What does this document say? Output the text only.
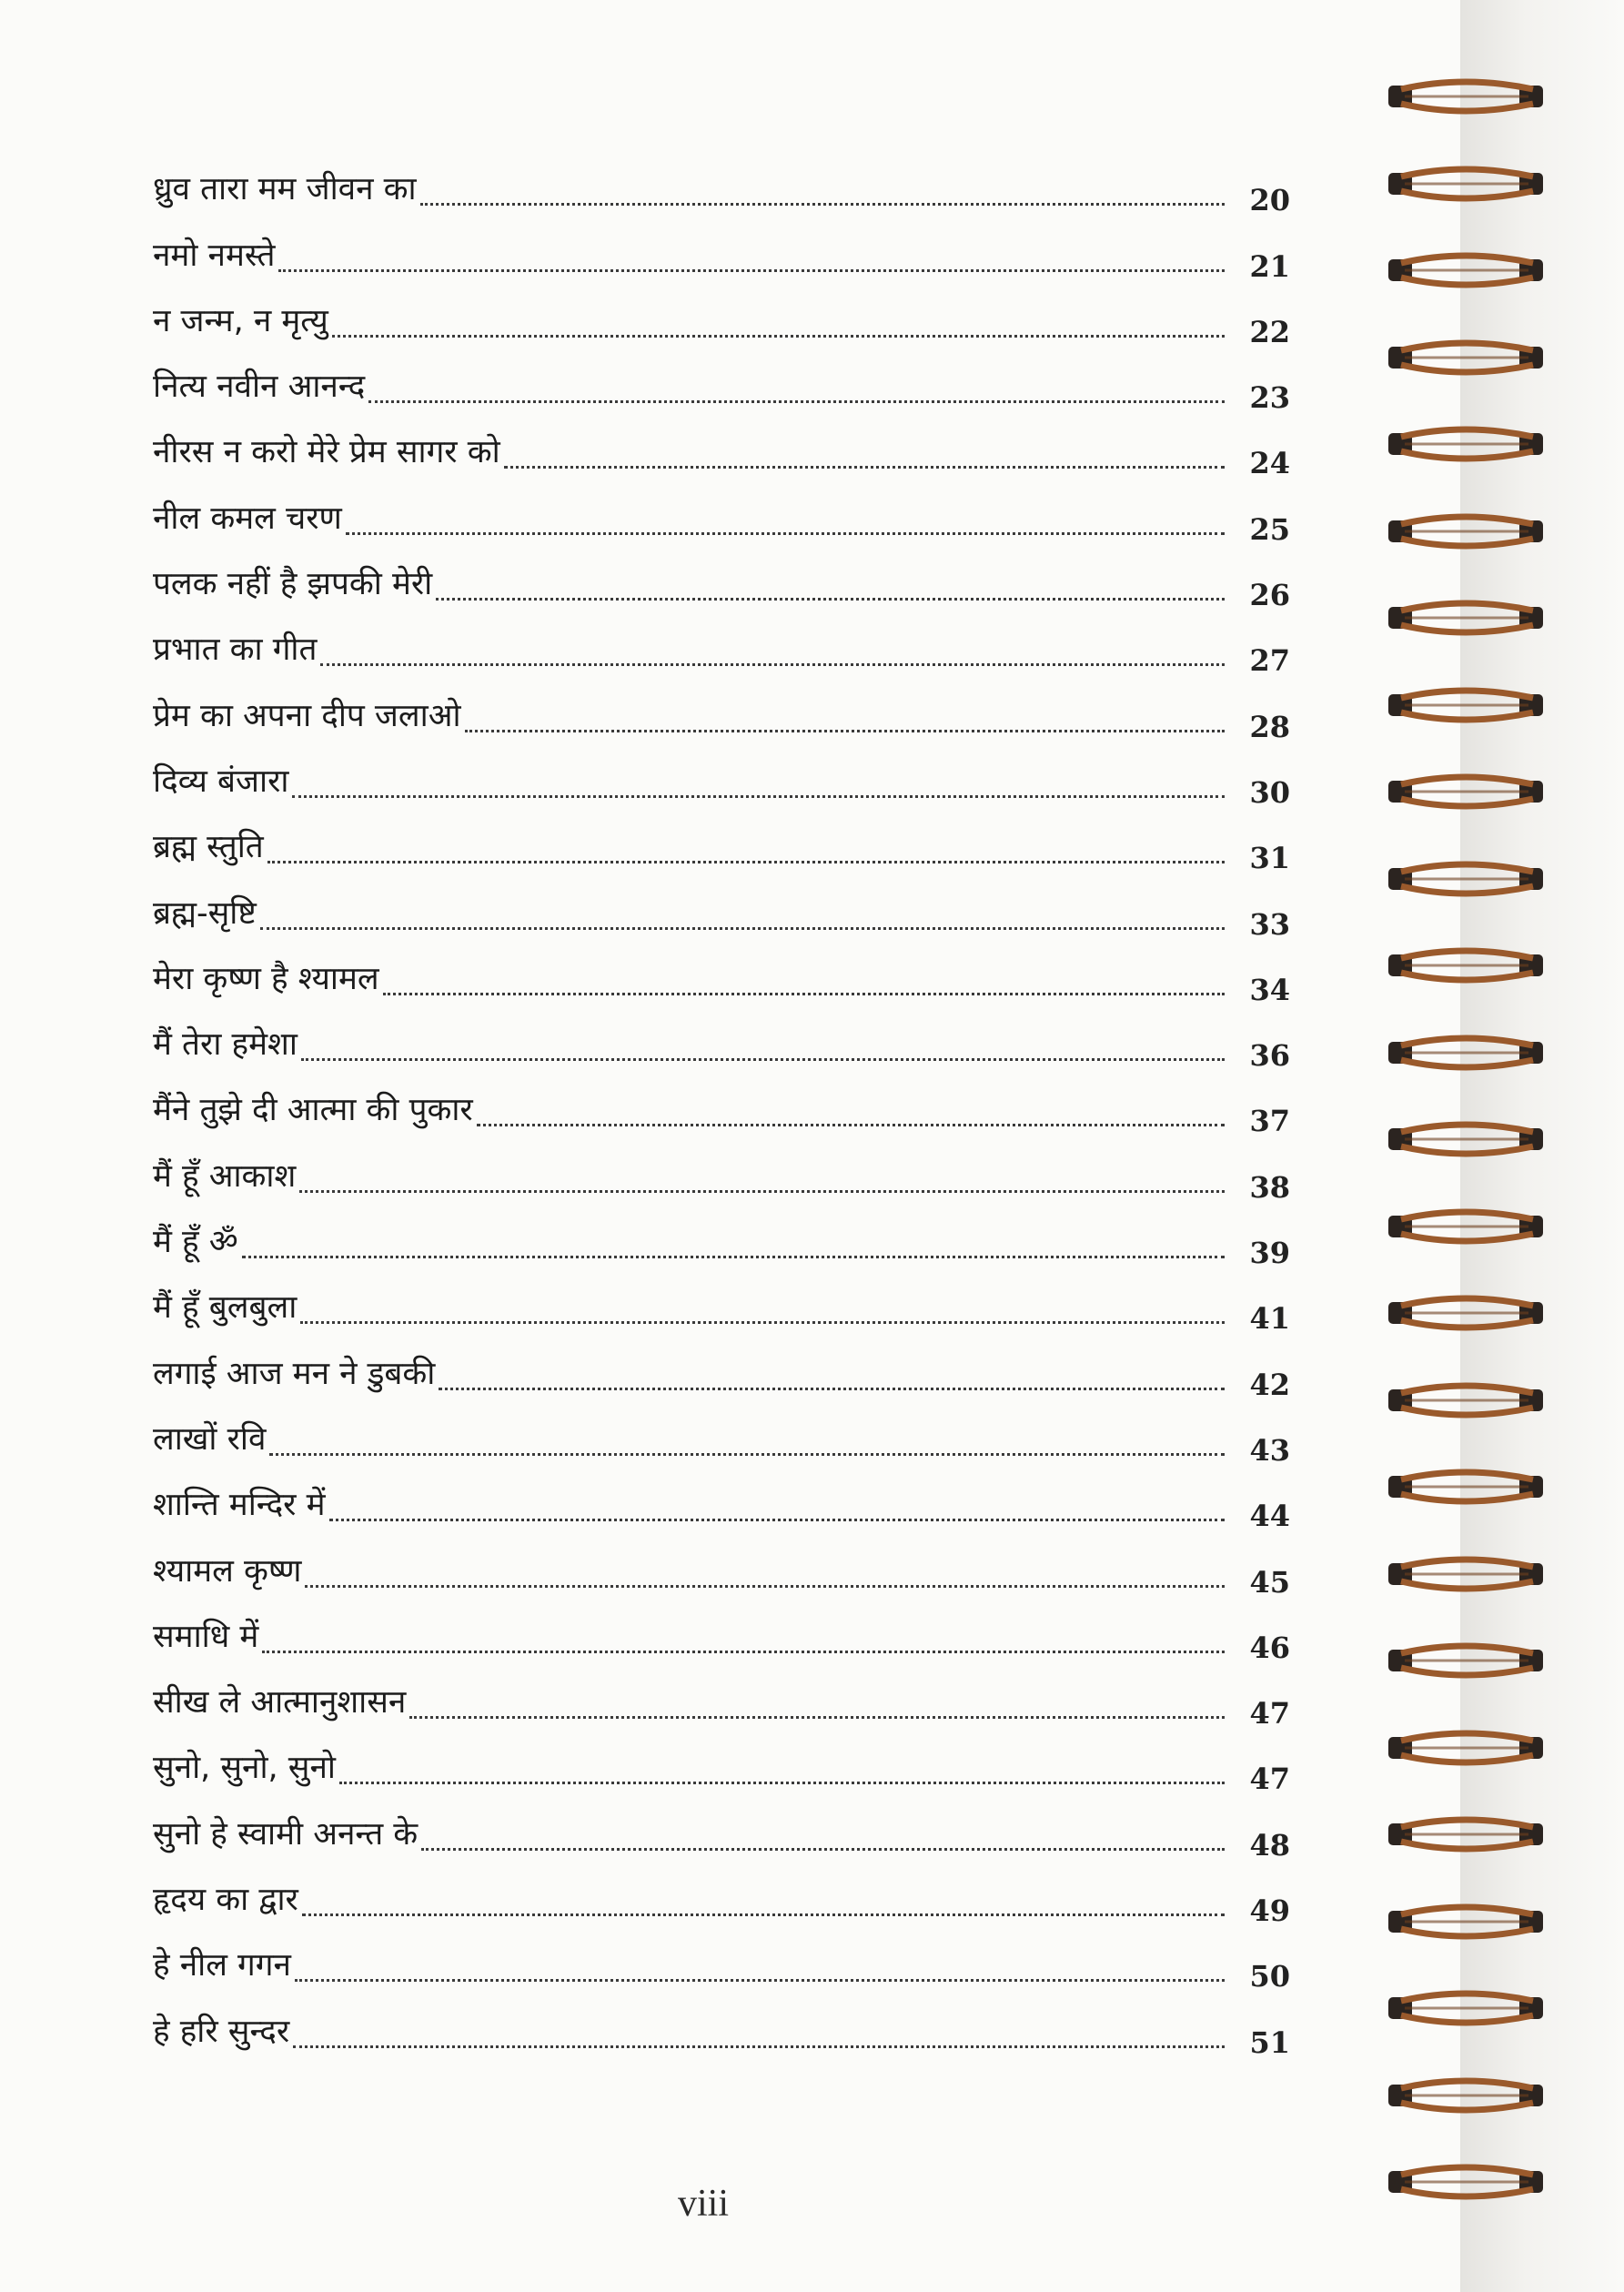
ध्रुव तारा मम जीवन का	20
नमो नमस्ते	21
न जन्म, न मृत्यु	22
नित्य नवीन आनन्द	23
नीरस न करो मेरे प्रेम सागर को	24
नील कमल चरण	25
पलक नहीं है झपकी मेरी	26
प्रभात का गीत	27
प्रेम का अपना दीप जलाओ	28
दिव्य बंजारा	30
ब्रह्म स्तुति	31
ब्रह्म-सृष्टि	33
मेरा कृष्ण है श्यामल	34
मैं तेरा हमेशा	36
मैंने तुझे दी आत्मा की पुकार	37
मैं हूँ आकाश	38
मैं हूँ ॐ	39
मैं हूँ बुलबुला	41
लगाई आज मन ने डुबकी	42
लाखों रवि	43
शान्ति मन्दिर में	44
श्यामल कृष्ण	45
समाधि में	46
सीख ले आत्मानुशासन	47
सुनो, सुनो, सुनो	47
सुनो हे स्वामी अनन्त के	48
हृदय का द्वार	49
हे नील गगन	50
हे हरि सुन्दर	51
viii
